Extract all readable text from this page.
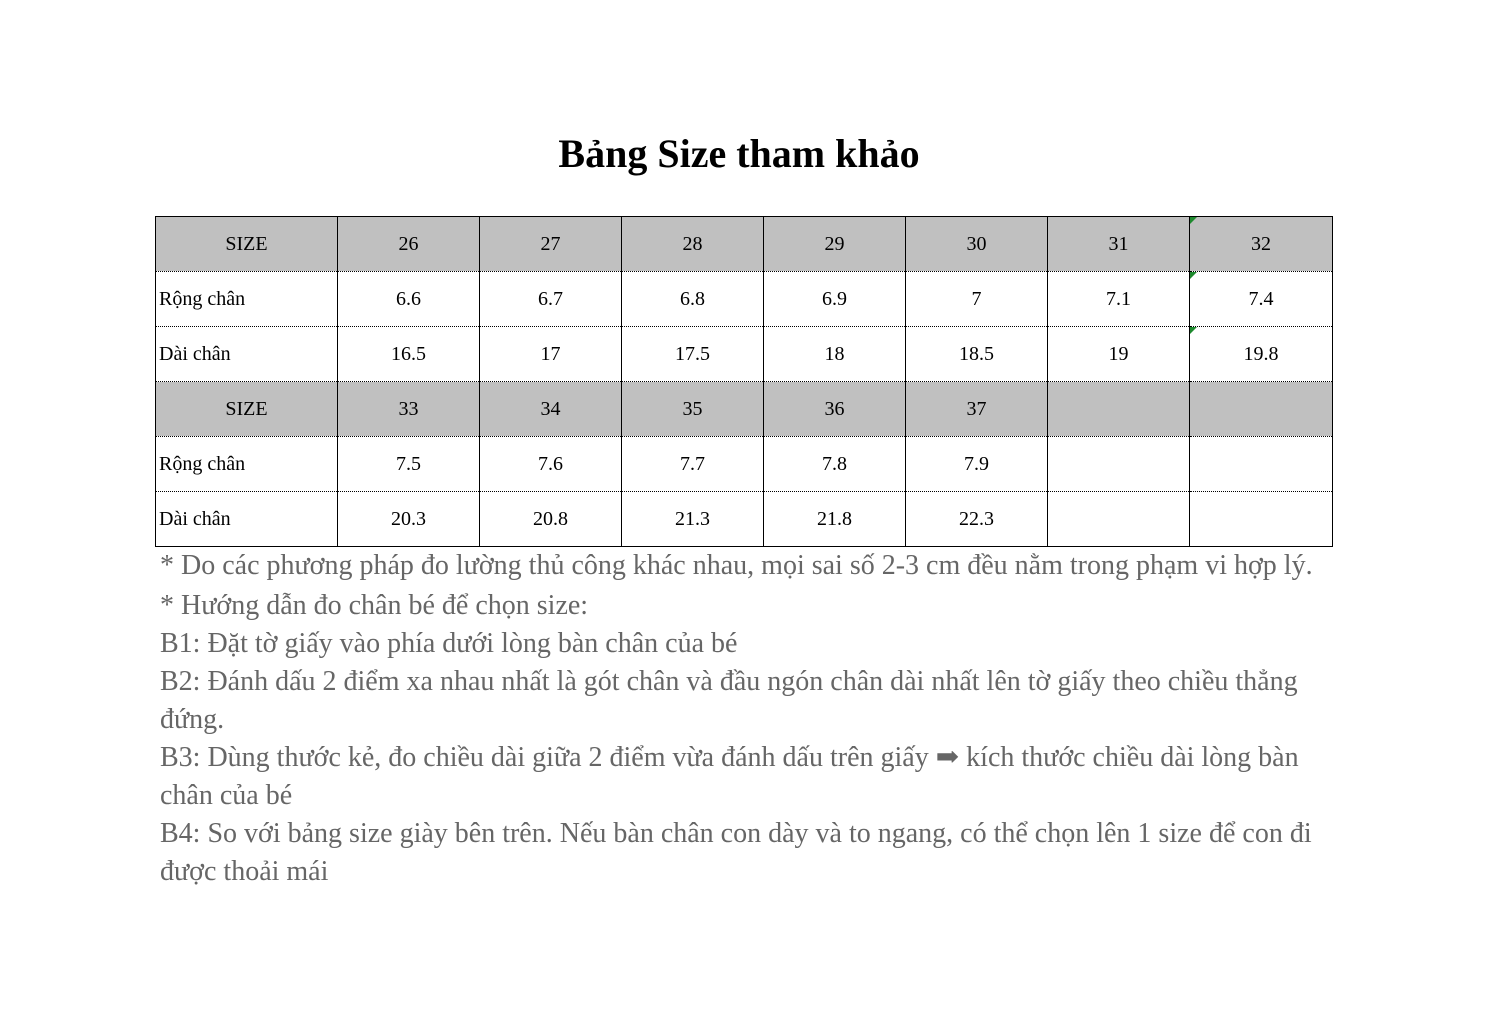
Bảng Size tham khảo
SIZE	26	27	28	29	30	31	32
Rộng chân	6.6	6.7	6.8	6.9	7	7.1	7.4
Dài chân	16.5	17	17.5	18	18.5	19	19.8
SIZE	33	34	35	36	37		
Rộng chân	7.5	7.6	7.7	7.8	7.9		
Dài chân	20.3	20.8	21.3	21.8	22.3		

* Do các phương pháp đo lường thủ công khác nhau, mọi sai số 2-3 cm đều nằm trong phạm vi hợp lý.

* Hướng dẫn đo chân bé để chọn size:

B1: Đặt tờ giấy vào phía dưới lòng bàn chân của bé

B2: Đánh dấu 2 điểm xa nhau nhất là gót chân và đầu ngón chân dài nhất lên tờ giấy theo chiều thẳng đứng.

B3: Dùng thước kẻ, đo chiều dài giữa 2 điểm vừa đánh dấu trên giấy ➡ kích thước chiều dài lòng bàn chân của bé

B4: So với bảng size giày bên trên. Nếu bàn chân con dày và to ngang, có thể chọn lên 1 size để con đi được thoải mái
